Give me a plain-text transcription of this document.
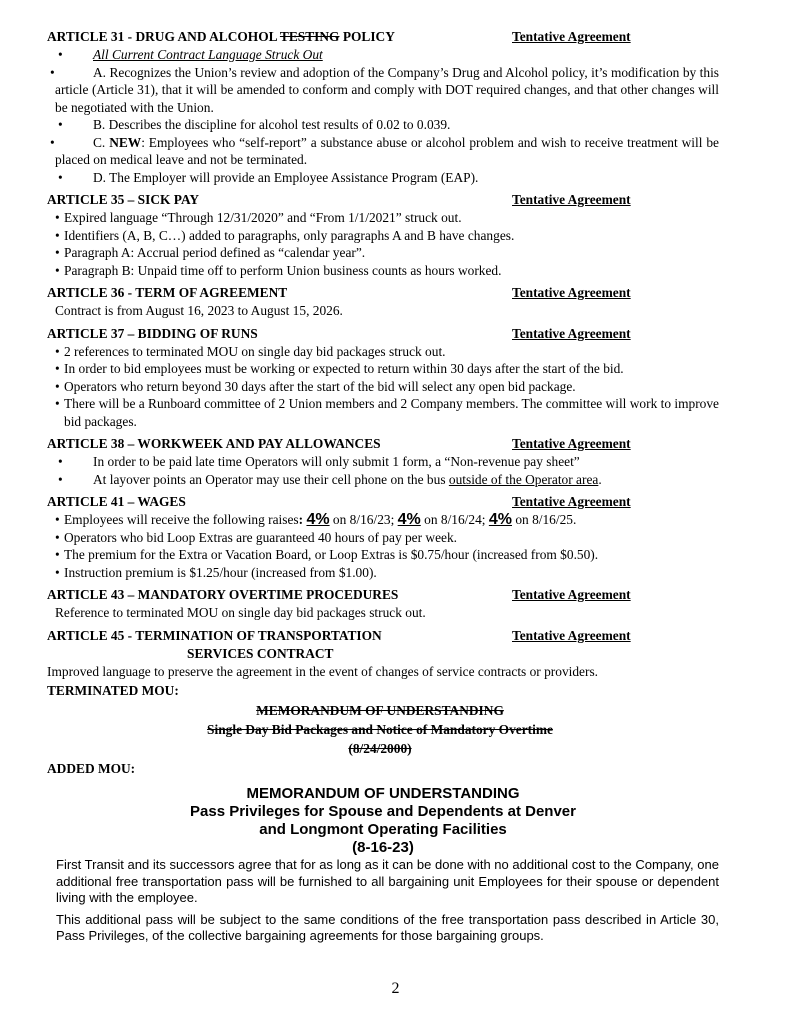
ARTICLE 31 - DRUG AND ALCOHOL TESTING POLICY	Tentative Agreement
• All Current Contract Language Struck Out
•	A. Recognizes the Union’s review and adoption of the Company’s Drug and Alcohol policy, it’s modification by this article (Article 31), that it will be amended to conform and comply with DOT required changes, and that other changes will be negotiated with the Union.
• B. Describes the discipline for alcohol test results of 0.02 to 0.039.
•	C. NEW: Employees who “self-report” a substance abuse or alcohol problem and wish to receive treatment will be placed on medical leave and not be terminated.
• D. The Employer will provide an Employee Assistance Program (EAP).
ARTICLE 35 – SICK PAY	Tentative Agreement
• Expired language “Through 12/31/2020” and “From 1/1/2021” struck out.
• Identifiers (A, B, C…) added to paragraphs, only paragraphs A and B have changes.
• Paragraph A: Accrual period defined as “calendar year”.
• Paragraph B: Unpaid time off to perform Union business counts as hours worked.
ARTICLE 36 - TERM OF AGREEMENT	Tentative Agreement
Contract is from August 16, 2023 to August 15, 2026.
ARTICLE 37 – BIDDING OF RUNS	Tentative Agreement
• 2 references to terminated MOU on single day bid packages struck out.
• In order to bid employees must be working or expected to return within 30 days after the start of the bid.
• Operators who return beyond 30 days after the start of the bid will select any open bid package.
• There will be a Runboard committee of 2 Union members and 2 Company members. The committee will work to improve bid packages.
ARTICLE 38 – WORKWEEK AND PAY ALLOWANCES	Tentative Agreement
• In order to be paid late time Operators will only submit 1 form, a “Non-revenue pay sheet”
• At layover points an Operator may use their cell phone on the bus outside of the Operator area.
ARTICLE 41 – WAGES	Tentative Agreement
• Employees will receive the following raises: 4% on 8/16/23; 4% on 8/16/24; 4% on 8/16/25.
• Operators who bid Loop Extras are guaranteed 40 hours of pay per week.
• The premium for the Extra or Vacation Board, or Loop Extras is $0.75/hour (increased from $0.50).
• Instruction premium is $1.25/hour (increased from $1.00).
ARTICLE 43 – MANDATORY OVERTIME PROCEDURES	Tentative Agreement
Reference to terminated MOU on single day bid packages struck out.
ARTICLE 45 - TERMINATION OF TRANSPORTATION	Tentative Agreement
SERVICES CONTRACT
Improved language to preserve the agreement in the event of changes of service contracts or providers.
TERMINATED MOU:
MEMORANDUM OF UNDERSTANDING
Single Day Bid Packages and Notice of Mandatory Overtime
(8/24/2000)
ADDED MOU:
MEMORANDUM OF UNDERSTANDING
Pass Privileges for Spouse and Dependents at Denver
and Longmont Operating Facilities
(8-16-23)
First Transit and its successors agree that for as long as it can be done with no additional cost to the Company, one additional free transportation pass will be furnished to all bargaining unit Employees for their spouse or dependent living with the employee.
This additional pass will be subject to the same conditions of the free transportation pass described in Article 30, Pass Privileges, of the collective bargaining agreements for those bargaining groups.
2
